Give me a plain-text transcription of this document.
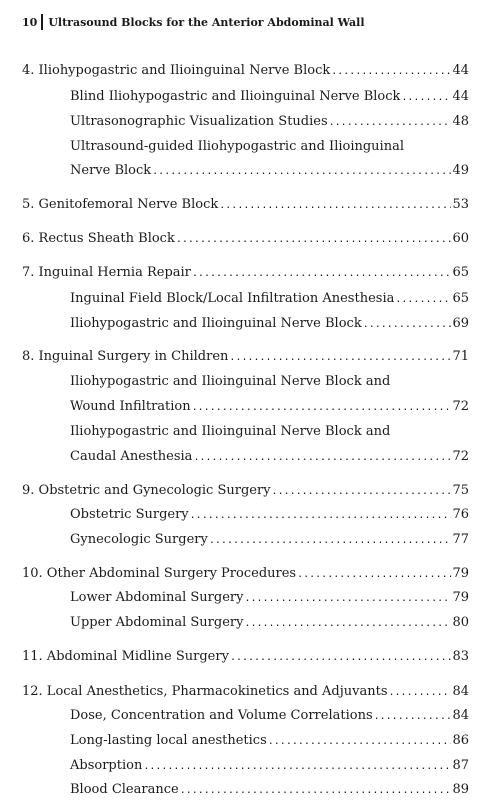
10 Ultrasound Blocks for the Anterior Abdominal Wall
4. Iliohypogastric and Ilioinguinal Nerve Block .....	44
Blind Iliohypogastric and Ilioinguinal Nerve Block .....	44
Ultrasonographic Visualization Studies .....	48
Ultrasound-guided Iliohypogastric and Ilioinguinal
Nerve Block .....	49
5. Genitofemoral Nerve Block .....	53
6. Rectus Sheath Block .....	60
7. Inguinal Hernia Repair .....	65
Inguinal Field Block/Local Infiltration Anesthesia .....	65
Iliohypogastric and Ilioinguinal Nerve Block .....	69
8. Inguinal Surgery in Children .....	71
Iliohypogastric and Ilioinguinal Nerve Block and
Wound Infiltration .....	72
Iliohypogastric and Ilioinguinal Nerve Block and
Caudal Anesthesia .....	72
9. Obstetric and Gynecologic Surgery .....	75
Obstetric Surgery .....	76
Gynecologic Surgery .....	77
10. Other Abdominal Surgery Procedures .....	79
Lower Abdominal Surgery .....	79
Upper Abdominal Surgery .....	80
11. Abdominal Midline Surgery .....	83
12. Local Anesthetics, Pharmacokinetics and Adjuvants .....	84
Dose, Concentration and Volume Correlations .....	84
Long-lasting local anesthetics .....	86
Absorption .....	87
Blood Clearance .....	89
